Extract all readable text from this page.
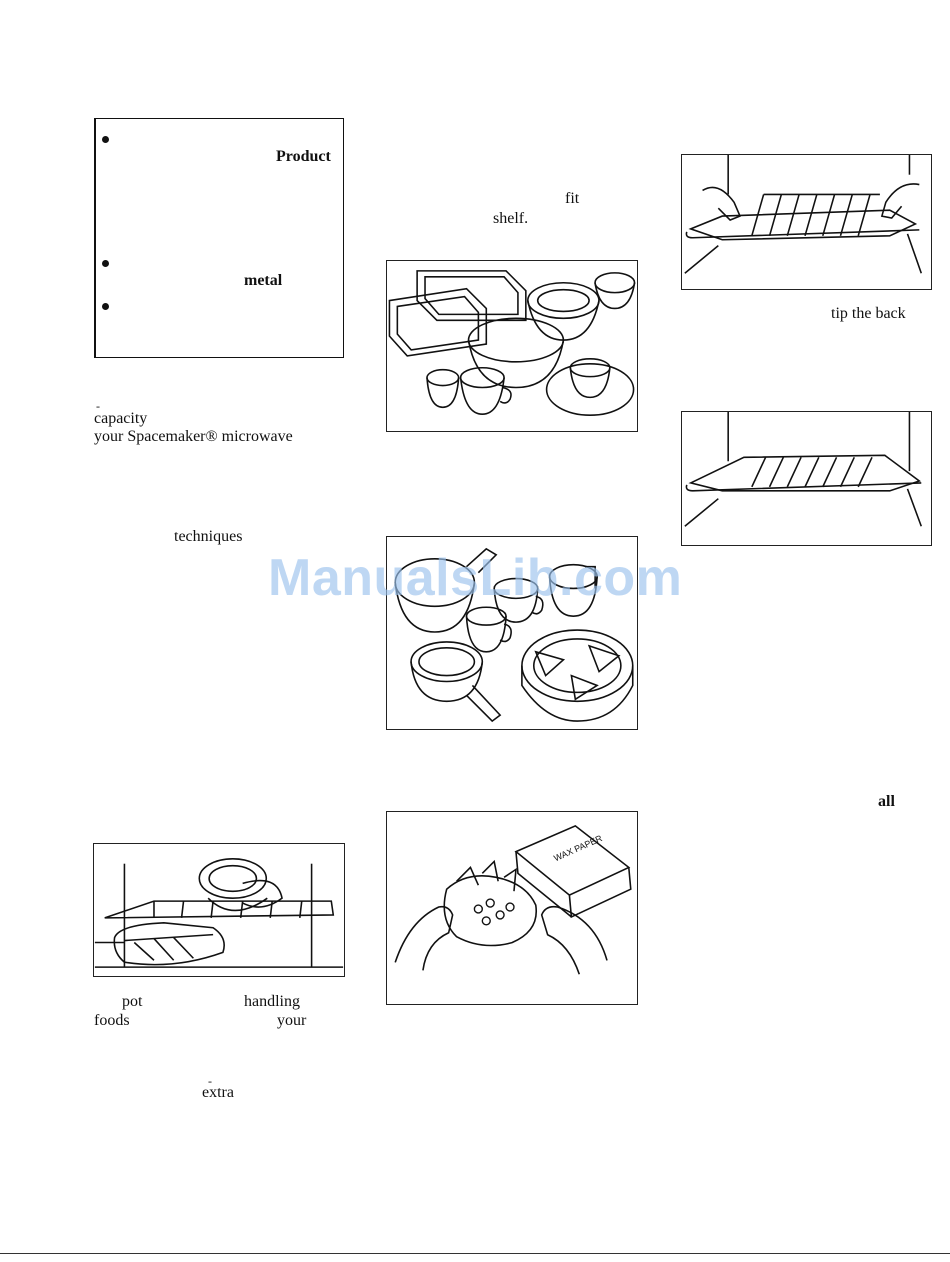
Product
metal
-
capacity
your Spacemaker® microwave
techniques
pot	handling
foods	your
-
extra
fit
shelf.
WAX PAPER
tip the back
all
ManualsLib.com
